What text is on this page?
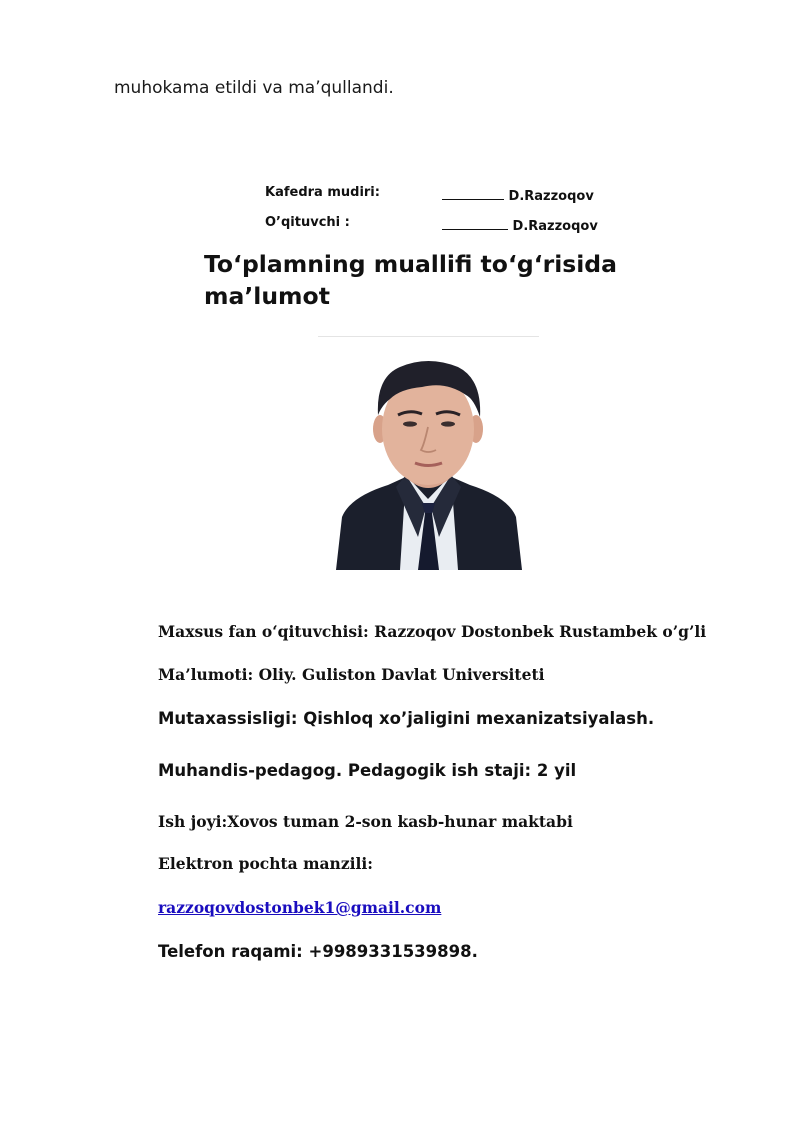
muhokama etildi va ma’qullandi.
Kafedra mudiri:	D.Razzoqov
O’qituvchi :	D.Razzoqov
To‘plamning muallifi to‘g‘risida ma’lumot
Maxsus fan o‘qituvchisi: Razzoqov Dostonbek Rustambek o’g’li
Ma’lumoti: Oliy. Guliston Davlat Universiteti
Mutaxassisligi: Qishloq xo’jaligini mexanizatsiyalash.
Muhandis-pedagog. Pedagogik ish staji: 2 yil
Ish joyi:Xovos tuman 2-son kasb-hunar maktabi
Elektron pochta manzili:
razzoqovdostonbek1@gmail.com
Telefon raqami: +9989331539898.
